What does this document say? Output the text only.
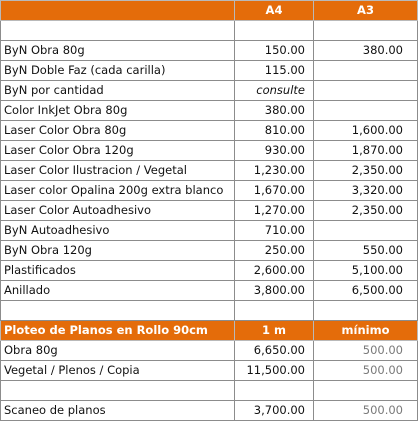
	A4	A3

ByN Obra 80g	150.00	380.00
ByN Doble Faz (cada carilla)	115.00	
ByN por cantidad	consulte	
Color InkJet Obra 80g	380.00	
Laser Color Obra 80g	810.00	1,600.00
Laser Color Obra 120g	930.00	1,870.00
Laser Color Ilustracion / Vegetal	1,230.00	2,350.00
Laser color Opalina 200g extra blanco	1,670.00	3,320.00
Laser Color Autoadhesivo	1,270.00	2,350.00
ByN Autoadhesivo	710.00	
ByN Obra 120g	250.00	550.00
Plastificados	2,600.00	5,100.00
Anillado	3,800.00	6,500.00

Ploteo de Planos en Rollo 90cm	1 m	mínimo
Obra 80g	6,650.00	500.00
Vegetal / Plenos / Copia	11,500.00	500.00

Scaneo de planos	3,700.00	500.00
